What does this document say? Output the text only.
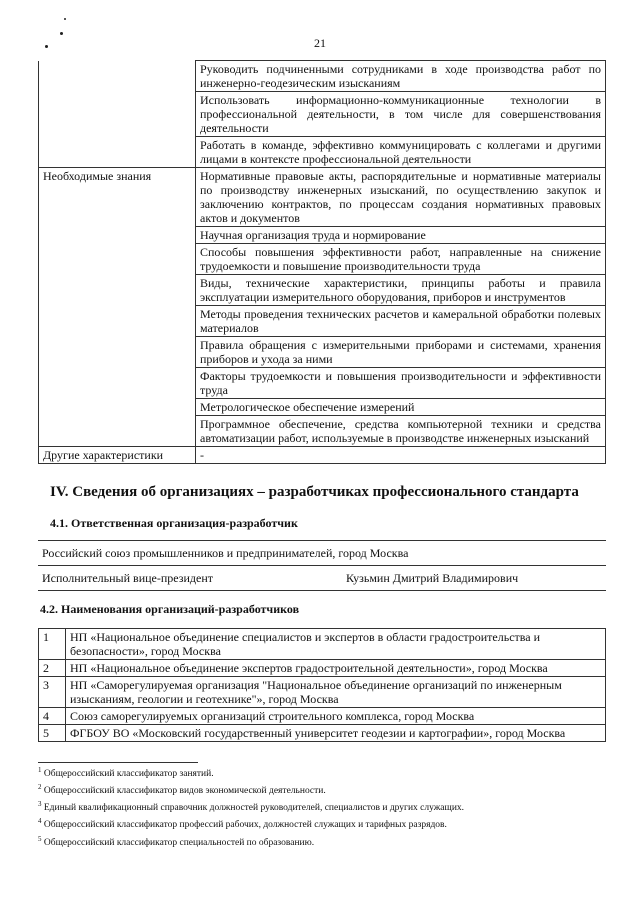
21
	Руководить подчиненными сотрудниками в ходе производства работ по инженерно-геодезическим изысканиям
	Использовать информационно-коммуникационные технологии в профессиональной деятельности, в том числе для совершенствования деятельности
	Работать в команде, эффективно коммуницировать с коллегами и другими лицами в контексте профессиональной деятельности
Необходимые знания	Нормативные правовые акты, распорядительные и нормативные материалы по производству инженерных изысканий, по осуществлению закупок и заключению контрактов, по процессам создания нормативных правовых актов и документов
	Научная организация труда и нормирование
	Способы повышения эффективности работ, направленные на снижение трудоемкости и повышение производительности труда
	Виды, технические характеристики, принципы работы и правила эксплуатации измерительного оборудования, приборов и инструментов
	Методы проведения технических расчетов и камеральной обработки полевых материалов
	Правила обращения с измерительными приборами и системами, хранения приборов и ухода за ними
	Факторы трудоемкости и повышения производительности и эффективности труда
	Метрологическое обеспечение измерений
	Программное обеспечение, средства компьютерной техники и средства автоматизации работ, используемые в производстве инженерных изысканий
Другие характеристики	-
IV. Сведения об организациях – разработчиках профессионального стандарта
4.1. Ответственная организация-разработчик
Российский союз промышленников и предпринимателей, город Москва
Исполнительный вице-президент	Кузьмин Дмитрий Владимирович
4.2. Наименования организаций-разработчиков
1	НП «Национальное объединение специалистов и экспертов в области градостроительства и безопасности», город Москва
2	НП «Национальное объединение экспертов градостроительной деятельности», город Москва
3	НП «Саморегулируемая организация "Национальное объединение организаций по инженерным изысканиям, геологии и геотехнике"», город Москва
4	Союз саморегулируемых организаций строительного комплекса, город Москва
5	ФГБОУ ВО «Московский государственный университет геодезии и картографии», город Москва
$^1$ Общероссийский классификатор занятий.
$^2$ Общероссийский классификатор видов экономической деятельности.
$^3$ Единый квалификационный справочник должностей руководителей, специалистов и других служащих.
$^4$ Общероссийский классификатор профессий рабочих, должностей служащих и тарифных разрядов.
$^5$ Общероссийский классификатор специальностей по образованию.
